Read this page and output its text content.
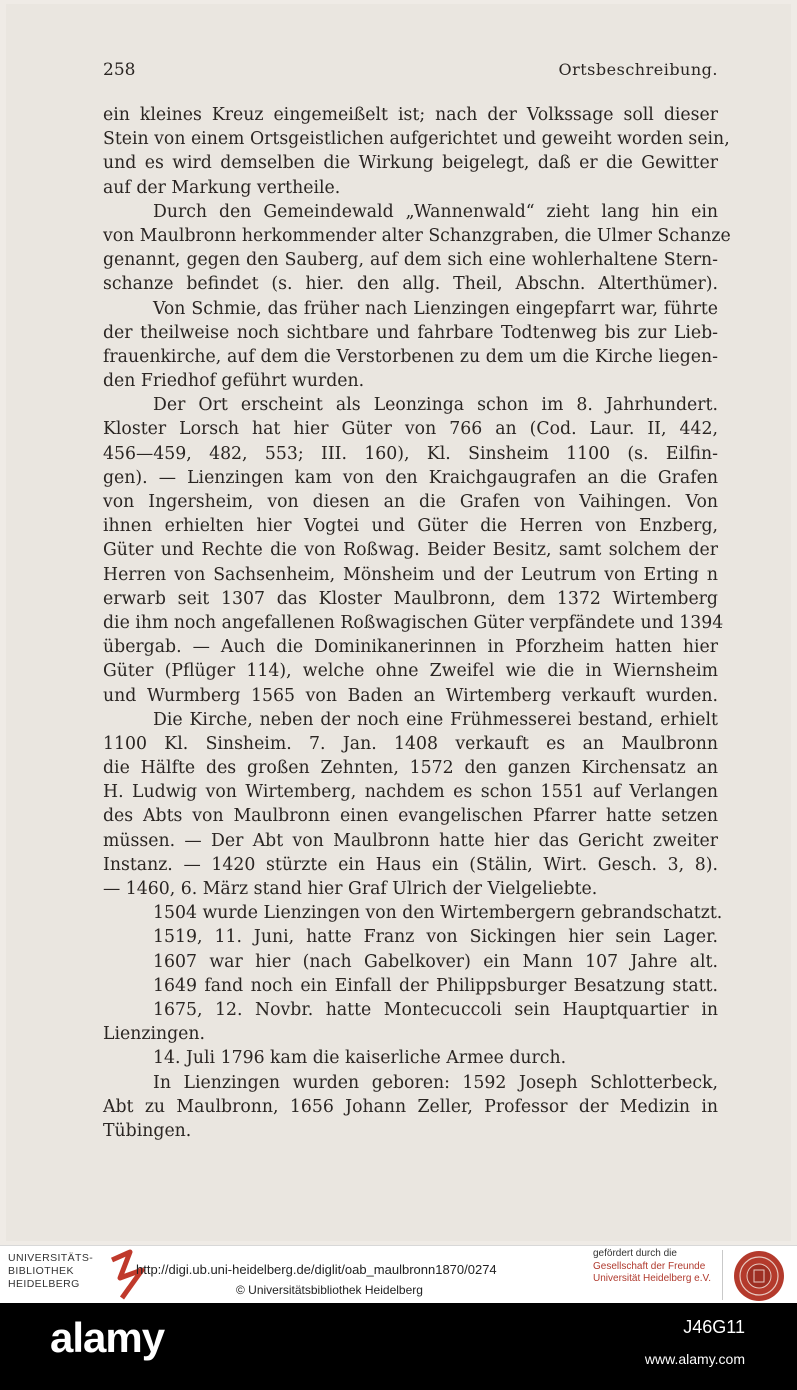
258	Ortsbeschreibung.
ein kleines Kreuz eingemeißelt ist; nach der Volkssage soll dieser
Stein von einem Ortsgeistlichen aufgerichtet und geweiht worden sein,
und es wird demselben die Wirkung beigelegt, daß er die Gewitter
auf der Markung vertheile.
Durch den Gemeindewald „Wannenwald“ zieht lang hin ein
von Maulbronn herkommender alter Schanzgraben, die Ulmer Schanze
genannt, gegen den Sauberg, auf dem sich eine wohlerhaltene Stern-
schanze befindet (s. hier. den allg. Theil, Abschn. Alterthümer).
Von Schmie, das früher nach Lienzingen eingepfarrt war, führte
der theilweise noch sichtbare und fahrbare Todtenweg bis zur Lieb-
frauenkirche, auf dem die Verstorbenen zu dem um die Kirche liegen-
den Friedhof geführt wurden.
Der Ort erscheint als Leonzinga schon im 8. Jahrhundert.
Kloster Lorsch hat hier Güter von 766 an (Cod. Laur. II, 442,
456—459, 482, 553; III. 160), Kl. Sinsheim 1100 (s. Eilfin-
gen). — Lienzingen kam von den Kraichgaugrafen an die Grafen
von Ingersheim, von diesen an die Grafen von Vaihingen. Von
ihnen erhielten hier Vogtei und Güter die Herren von Enzberg,
Güter und Rechte die von Roßwag. Beider Besitz, samt solchem der
Herren von Sachsenheim, Mönsheim und der Leutrum von Erting n
erwarb seit 1307 das Kloster Maulbronn, dem 1372 Wirtemberg
die ihm noch angefallenen Roßwagischen Güter verpfändete und 1394
übergab. — Auch die Dominikanerinnen in Pforzheim hatten hier
Güter (Pflüger 114), welche ohne Zweifel wie die in Wiernsheim
und Wurmberg 1565 von Baden an Wirtemberg verkauft wurden.
Die Kirche, neben der noch eine Frühmesserei bestand, erhielt
1100 Kl. Sinsheim. 7. Jan. 1408 verkauft es an Maulbronn
die Hälfte des großen Zehnten, 1572 den ganzen Kirchensatz an
H. Ludwig von Wirtemberg, nachdem es schon 1551 auf Verlangen
des Abts von Maulbronn einen evangelischen Pfarrer hatte setzen
müssen. — Der Abt von Maulbronn hatte hier das Gericht zweiter
Instanz. — 1420 stürzte ein Haus ein (Stälin, Wirt. Gesch. 3, 8).
— 1460, 6. März stand hier Graf Ulrich der Vielgeliebte.
1504 wurde Lienzingen von den Wirtembergern gebrandschatzt.
1519, 11. Juni, hatte Franz von Sickingen hier sein Lager.
1607 war hier (nach Gabelkover) ein Mann 107 Jahre alt.
1649 fand noch ein Einfall der Philippsburger Besatzung statt.
1675, 12. Novbr. hatte Montecuccoli sein Hauptquartier in
Lienzingen.
14. Juli 1796 kam die kaiserliche Armee durch.
In Lienzingen wurden geboren: 1592 Joseph Schlotterbeck,
Abt zu Maulbronn, 1656 Johann Zeller, Professor der Medizin in
Tübingen.
UNIVERSITÄTS-
BIBLIOTHEK
HEIDELBERG
http://digi.ub.uni-heidelberg.de/diglit/oab_maulbronn1870/0274
© Universitätsbibliothek Heidelberg
gefördert durch die
Gesellschaft der Freunde
Universität Heidelberg e.V.
alamy	J46G11
www.alamy.com
